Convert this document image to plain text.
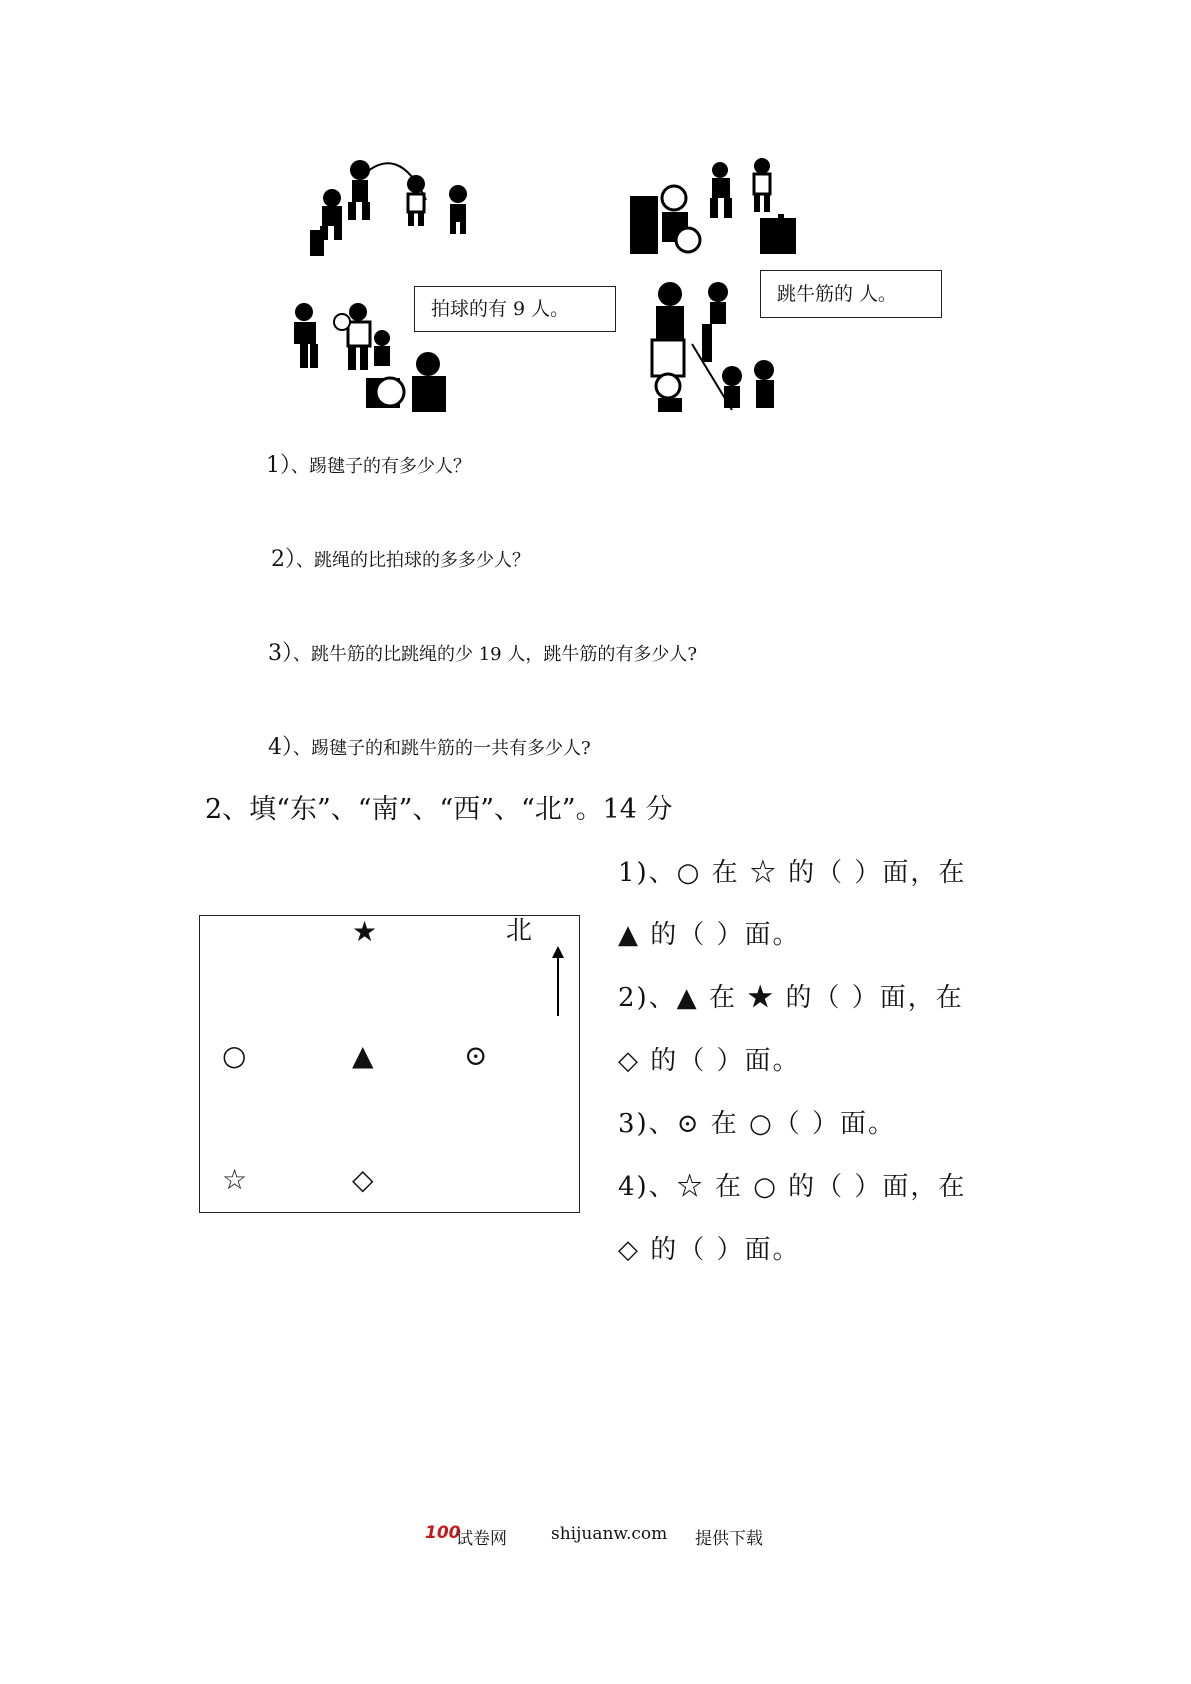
拍球的有 9 人。
跳牛筋的 人。
1）、踢毽子的有多少人？
2）、跳绳的比拍球的多多少人？
3）、跳牛筋的比跳绳的少 19 人，跳牛筋的有多少人?
4）、踢毽子的和跳牛筋的一共有多少人?
2、填“东”、“南”、“西”、“北”。14 分
★	北
○	▲	⊙
☆	◇
1)、○ 在 ☆ 的（ ）面，在
▲ 的（ ）面。
2)、▲ 在 ★ 的（ ）面，在
◇ 的（ ）面。
3)、⊙ 在 ○（ ）面。
4)、☆ 在 ○ 的（ ）面，在
◇ 的（ ）面。
100
试卷网	shijuanw.com 提供下载
